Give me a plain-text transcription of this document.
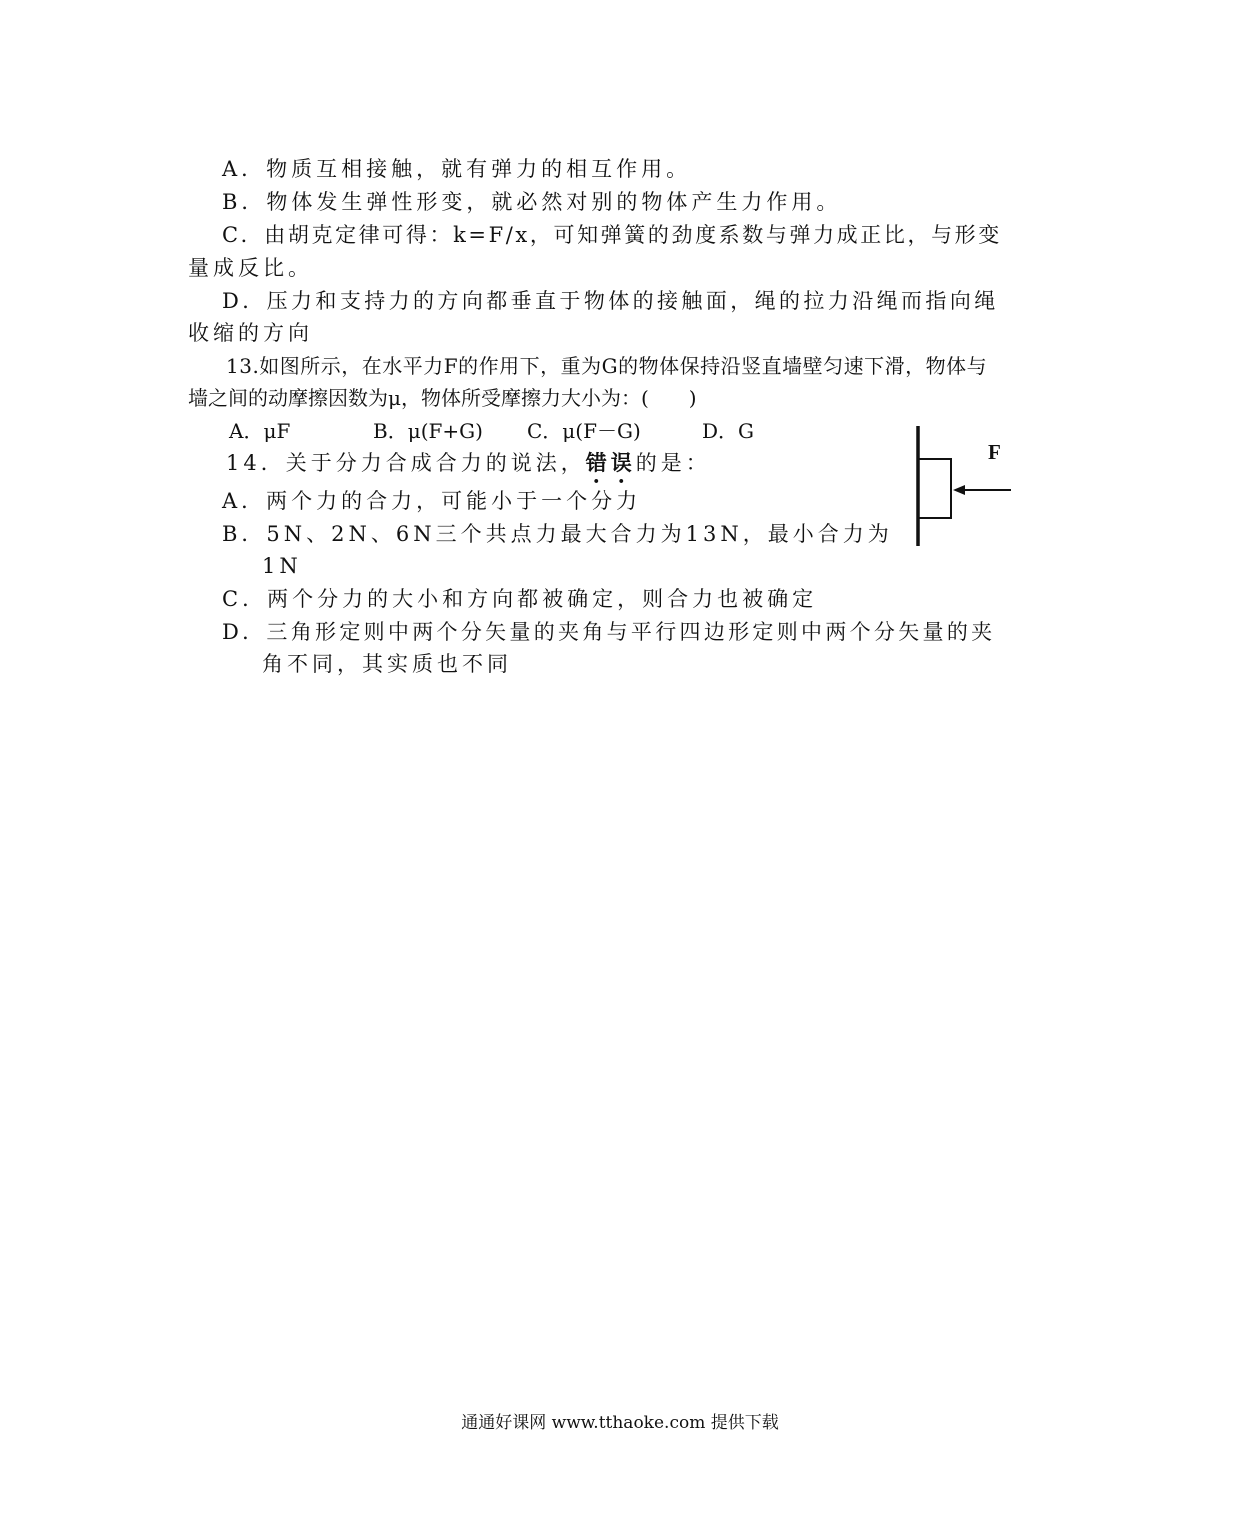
A．物质互相接触，就有弹力的相互作用。
B．物体发生弹性形变，就必然对别的物体产生力作用。
C．由胡克定律可得：k=F/x，可知弹簧的劲度系数与弹力成正比，与形变
量成反比。
D．压力和支持力的方向都垂直于物体的接触面，绳的拉力沿绳而指向绳
收缩的方向
13.如图所示，在水平力F的作用下，重为G的物体保持沿竖直墙壁匀速下滑，物体与
墙之间的动摩擦因数为μ，物体所受摩擦力大小为：(　　)
A．μF	B．μ(F+G) C．μ(F－G)	D．G
14．关于分力合成合力的说法，错误的是：
A．两个力的合力，可能小于一个分力
B．5N、2N、6N三个共点力最大合力为13N，最小合力为
1N
C．两个分力的大小和方向都被确定，则合力也被确定
D．三角形定则中两个分矢量的夹角与平行四边形定则中两个分矢量的夹
角不同，其实质也不同
F
通通好课网 www.tthaoke.com 提供下载
